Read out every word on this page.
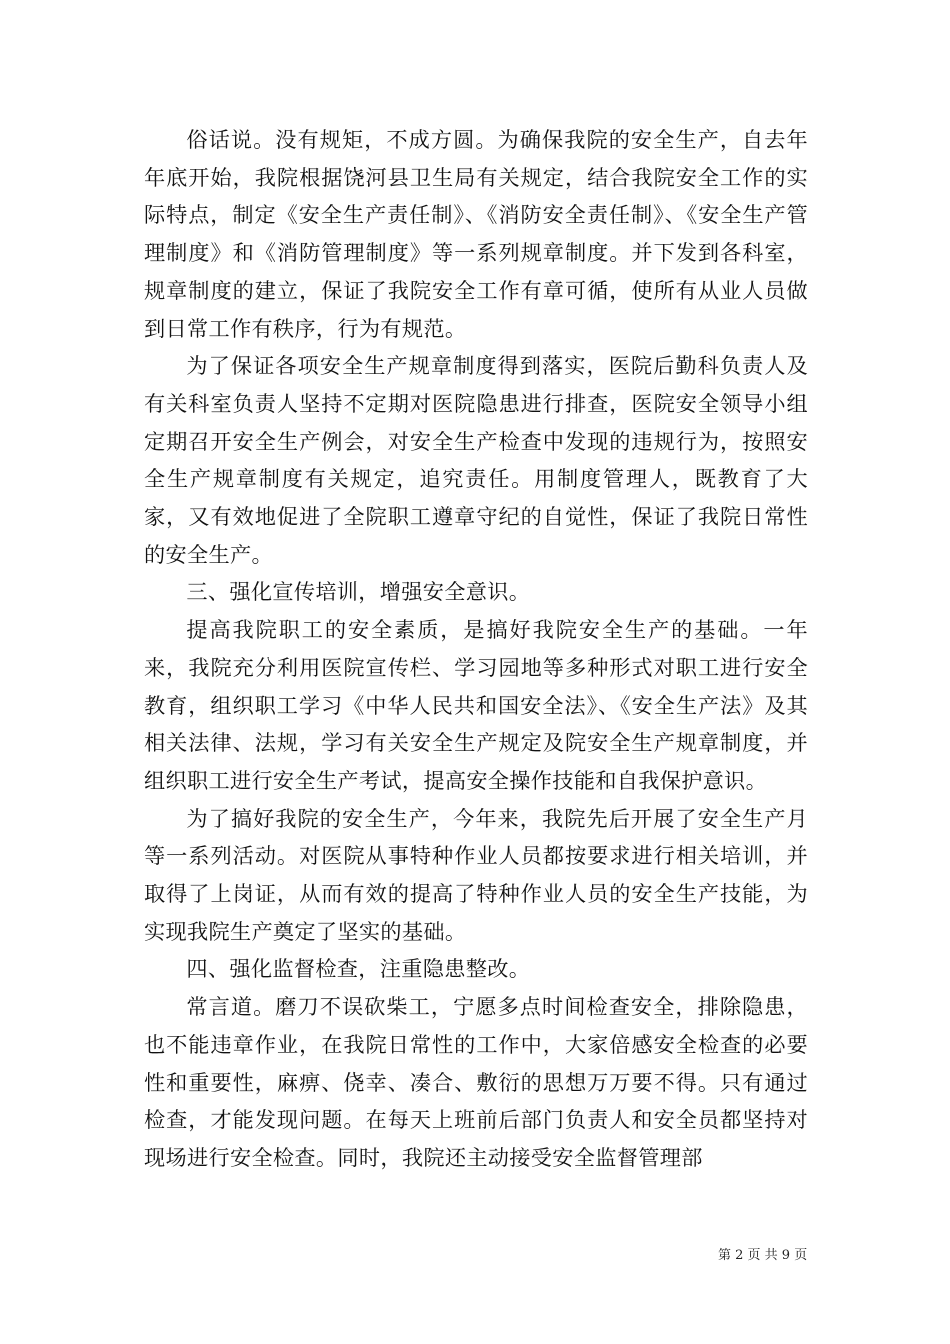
俗话说。没有规矩，不成方圆。为确保我院的安全生产，自去年年底开始，我院根据饶河县卫生局有关规定，结合我院安全工作的实际特点，制定《安全生产责任制》、《消防安全责任制》、《安全生产管理制度》和《消防管理制度》等一系列规章制度。并下发到各科室，规章制度的建立，保证了我院安全工作有章可循，使所有从业人员做到日常工作有秩序，行为有规范。

为了保证各项安全生产规章制度得到落实，医院后勤科负责人及有关科室负责人坚持不定期对医院隐患进行排查，医院安全领导小组定期召开安全生产例会，对安全生产检查中发现的违规行为，按照安全生产规章制度有关规定，追究责任。用制度管理人，既教育了大家，又有效地促进了全院职工遵章守纪的自觉性，保证了我院日常性的安全生产。

三、强化宣传培训，增强安全意识。

提高我院职工的安全素质，是搞好我院安全生产的基础。一年来，我院充分利用医院宣传栏、学习园地等多种形式对职工进行安全教育，组织职工学习《中华人民共和国安全法》、《安全生产法》及其相关法律、法规，学习有关安全生产规定及院安全生产规章制度，并组织职工进行安全生产考试，提高安全操作技能和自我保护意识。

为了搞好我院的安全生产，今年来，我院先后开展了安全生产月等一系列活动。对医院从事特种作业人员都按要求进行相关培训，并取得了上岗证，从而有效的提高了特种作业人员的安全生产技能，为实现我院生产奠定了坚实的基础。

四、强化监督检查，注重隐患整改。

常言道。磨刀不误砍柴工，宁愿多点时间检查安全，排除隐患，也不能违章作业，在我院日常性的工作中，大家倍感安全检查的必要性和重要性，麻痹、侥幸、凑合、敷衍的思想万万要不得。只有通过检查，才能发现问题。在每天上班前后部门负责人和安全员都坚持对现场进行安全检查。同时，我院还主动接受安全监督管理部

第 2 页 共 9 页
